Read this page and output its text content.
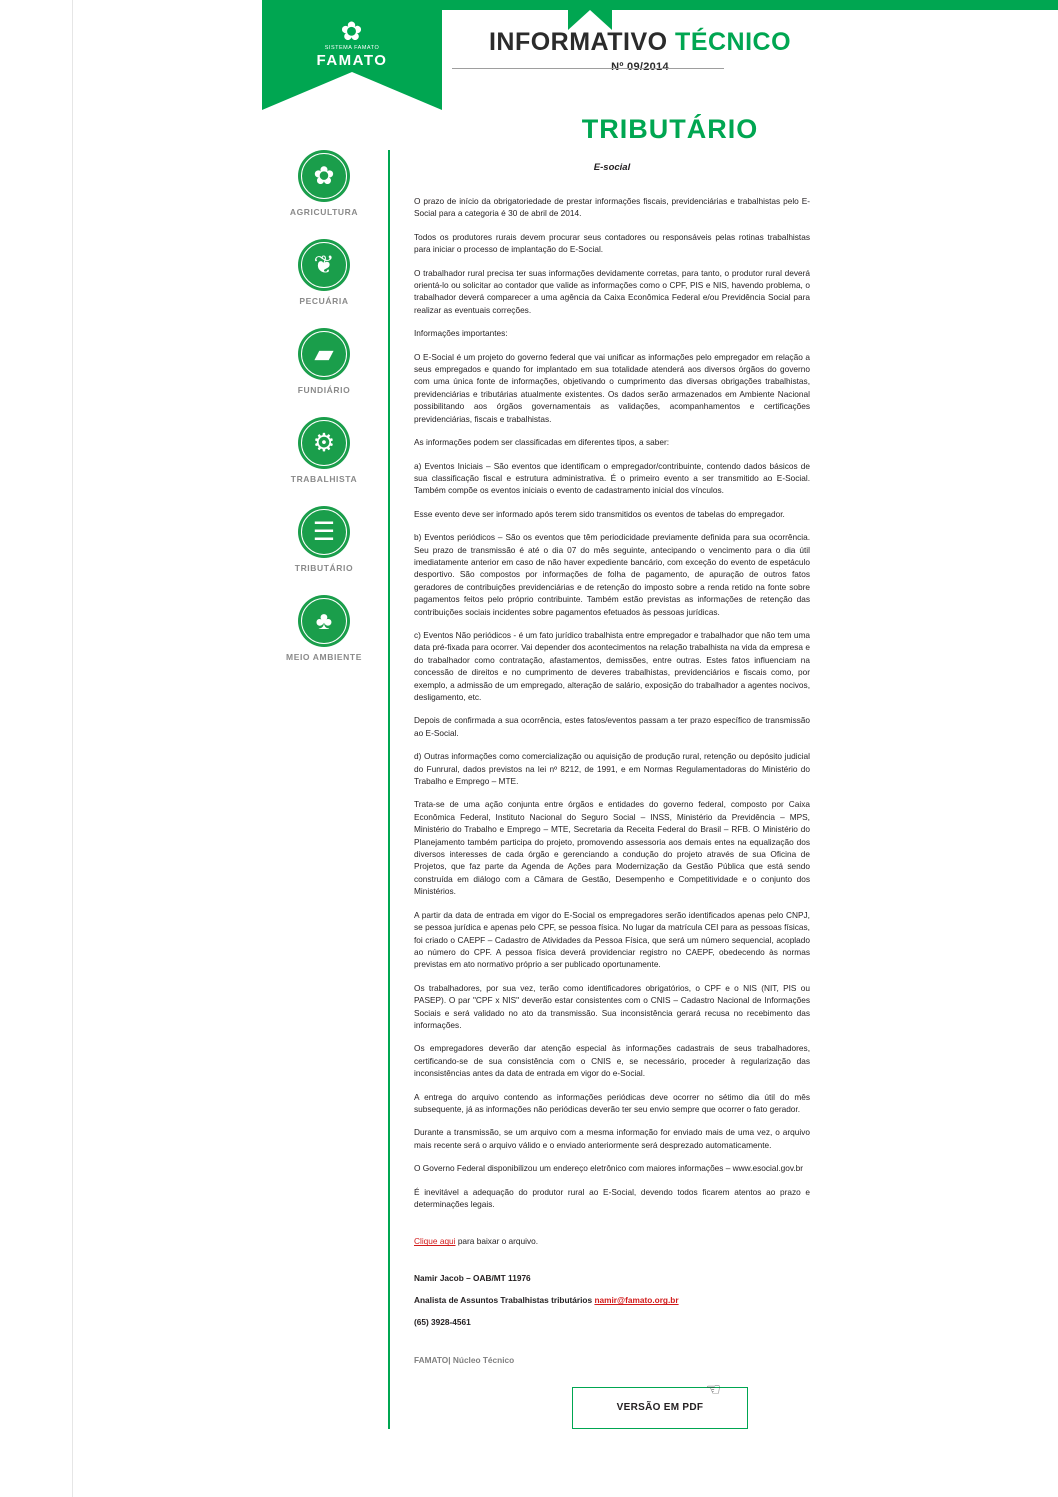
✿
SISTEMA FAMATO
FAMATO
INFORMATIVO TÉCNICO
Nº 09/2014
TRIBUTÁRIO
✿
AGRICULTURA
❦
PECUÁRIA
▰
FUNDIÁRIO
⚙
TRABALHISTA
☰
TRIBUTÁRIO
♣
MEIO AMBIENTE
E-social

O prazo de início da obrigatoriedade de prestar informações fiscais, previdenciárias e trabalhistas pelo E-Social para a categoria é 30 de abril de 2014.

Todos os produtores rurais devem procurar seus contadores ou responsáveis pelas rotinas trabalhistas para iniciar o processo de implantação do E-Social.

O trabalhador rural precisa ter suas informações devidamente corretas, para tanto, o produtor rural deverá orientá-lo ou solicitar ao contador que valide as informações como o CPF, PIS e NIS, havendo problema, o trabalhador deverá comparecer a uma agência da Caixa Econômica Federal e/ou Previdência Social para realizar as eventuais correções.

Informações importantes:

O E-Social é um projeto do governo federal que vai unificar as informações pelo empregador em relação a seus empregados e quando for implantado em sua totalidade atenderá aos diversos órgãos do governo com uma única fonte de informações, objetivando o cumprimento das diversas obrigações trabalhistas, previdenciárias e tributárias atualmente existentes. Os dados serão armazenados em Ambiente Nacional possibilitando aos órgãos governamentais as validações, acompanhamentos e certificações previdenciárias, fiscais e trabalhistas.

As informações podem ser classificadas em diferentes tipos, a saber:

a) Eventos Iniciais – São eventos que identificam o empregador/contribuinte, contendo dados básicos de sua classificação fiscal e estrutura administrativa. É o primeiro evento a ser transmitido ao E-Social. Também compõe os eventos iniciais o evento de cadastramento inicial dos vínculos.

Esse evento deve ser informado após terem sido transmitidos os eventos de tabelas do empregador.

b) Eventos periódicos – São os eventos que têm periodicidade previamente definida para sua ocorrência. Seu prazo de transmissão é até o dia 07 do mês seguinte, antecipando o vencimento para o dia útil imediatamente anterior em caso de não haver expediente bancário, com exceção do evento de espetáculo desportivo. São compostos por informações de folha de pagamento, de apuração de outros fatos geradores de contribuições previdenciárias e de retenção do imposto sobre a renda retido na fonte sobre pagamentos feitos pelo próprio contribuinte. Também estão previstas as informações de retenção das contribuições sociais incidentes sobre pagamentos efetuados às pessoas jurídicas.

c) Eventos Não periódicos - é um fato jurídico trabalhista entre empregador e trabalhador que não tem uma data pré-fixada para ocorrer. Vai depender dos acontecimentos na relação trabalhista na vida da empresa e do trabalhador como contratação, afastamentos, demissões, entre outras. Estes fatos influenciam na concessão de direitos e no cumprimento de deveres trabalhistas, previdenciários e fiscais como, por exemplo, a admissão de um empregado, alteração de salário, exposição do trabalhador a agentes nocivos, desligamento, etc.

Depois de confirmada a sua ocorrência, estes fatos/eventos passam a ter prazo específico de transmissão ao E-Social.

d) Outras informações como comercialização ou aquisição de produção rural, retenção ou depósito judicial do Funrural, dados previstos na lei nº 8212, de 1991, e em Normas Regulamentadoras do Ministério do Trabalho e Emprego – MTE.

Trata-se de uma ação conjunta entre órgãos e entidades do governo federal, composto por Caixa Econômica Federal, Instituto Nacional do Seguro Social – INSS, Ministério da Previdência – MPS, Ministério do Trabalho e Emprego – MTE, Secretaria da Receita Federal do Brasil – RFB. O Ministério do Planejamento também participa do projeto, promovendo assessoria aos demais entes na equalização dos diversos interesses de cada órgão e gerenciando a condução do projeto através de sua Oficina de Projetos, que faz parte da Agenda de Ações para Modernização da Gestão Pública que está sendo construída em diálogo com a Câmara de Gestão, Desempenho e Competitividade e o conjunto dos Ministérios.

A partir da data de entrada em vigor do E-Social os empregadores serão identificados apenas pelo CNPJ, se pessoa jurídica e apenas pelo CPF, se pessoa física. No lugar da matrícula CEI para as pessoas físicas, foi criado o CAEPF – Cadastro de Atividades da Pessoa Física, que será um número sequencial, acoplado ao número do CPF. A pessoa física deverá providenciar registro no CAEPF, obedecendo às normas previstas em ato normativo próprio a ser publicado oportunamente.

Os trabalhadores, por sua vez, terão como identificadores obrigatórios, o CPF e o NIS (NIT, PIS ou PASEP). O par "CPF x NIS" deverão estar consistentes com o CNIS – Cadastro Nacional de Informações Sociais e será validado no ato da transmissão. Sua inconsistência gerará recusa no recebimento das informações.

Os empregadores deverão dar atenção especial às informações cadastrais de seus trabalhadores, certificando-se de sua consistência com o CNIS e, se necessário, proceder à regularização das inconsistências antes da data de entrada em vigor do e-Social.

A entrega do arquivo contendo as informações periódicas deve ocorrer no sétimo dia útil do mês subsequente, já as informações não periódicas deverão ter seu envio sempre que ocorrer o fato gerador.

Durante a transmissão, se um arquivo com a mesma informação for enviado mais de uma vez, o arquivo mais recente será o arquivo válido e o enviado anteriormente será desprezado automaticamente.

O Governo Federal disponibilizou um endereço eletrônico com maiores informações – www.esocial.gov.br

É inevitável a adequação do produtor rural ao E-Social, devendo todos ficarem atentos ao prazo e determinações legais.

Clique aqui para baixar o arquivo.
Namir Jacob – OAB/MT 11976
Analista de Assuntos Trabalhistas tributários namir@famato.org.br
(65) 3928-4561
FAMATO| Núcleo Técnico
☜
VERSÃO EM PDF
